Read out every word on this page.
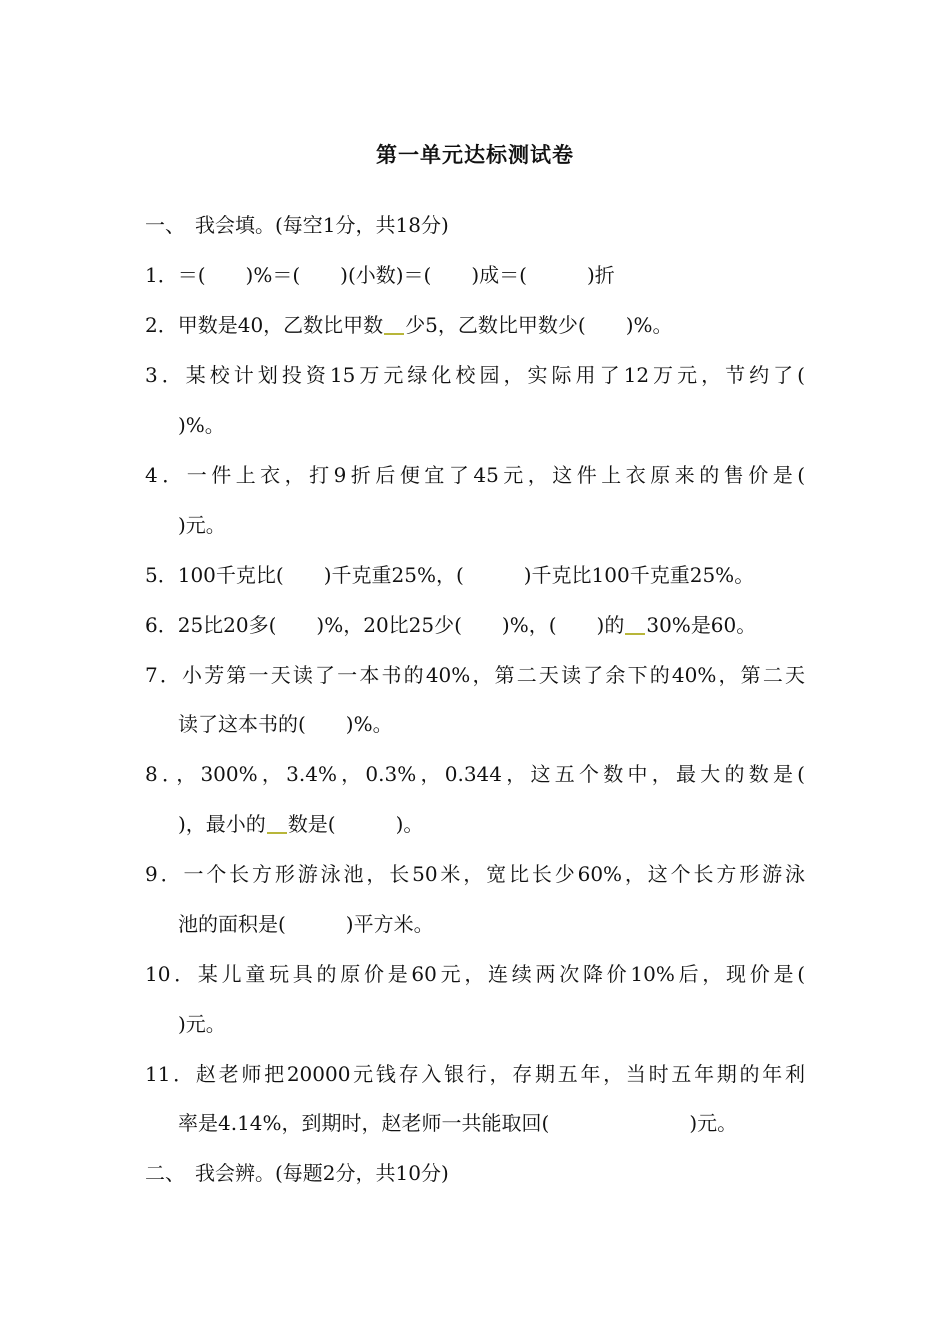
第一单元达标测试卷
一、　我会填。(每空1分，共18分)
1．＝(　　)%＝(　　)(小数)＝(　　)成＝(　　　)折
2．甲数是40，乙数比甲数 少5，乙数比甲数少(　　)%。
3．某校计划投资15万元绿化校园，实际用了12万元，节约了(
)%。
4．一件上衣，打9折后便宜了45元，这件上衣原来的售价是(
)元。
5．100千克比(　　)千克重25%，(　　　)千克比100千克重25%。
6．25比20多(　　)%，20比25少(　　)%，(　　)的 30%是60。
7．小芳第一天读了一本书的40%，第二天读了余下的40%，第二天
读了这本书的(　　)%。
8．，300%，3.4%，0.3%，0.344，这五个数中，最大的数是(
)，最小的 数是(　　　)。
9．一个长方形游泳池，长50米，宽比长少60%，这个长方形游泳
池的面积是(　　　)平方米。
10．某儿童玩具的原价是60元，连续两次降价10%后，现价是(
)元。
11．赵老师把20000元钱存入银行，存期五年，当时五年期的年利
率是4.14%，到期时，赵老师一共能取回(　　　　　　　)元。
二、　我会辨。(每题2分，共10分)
